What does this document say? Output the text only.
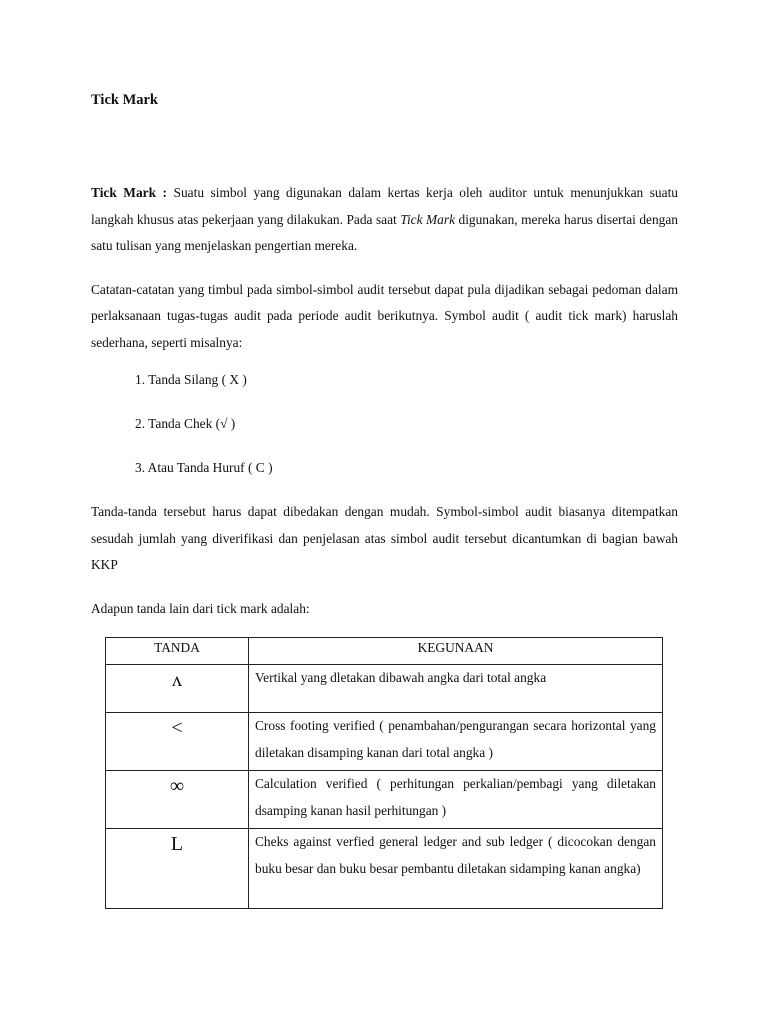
Tick Mark

Tick Mark : Suatu simbol yang digunakan dalam kertas kerja oleh auditor untuk menunjukkan suatu langkah khusus atas pekerjaan yang dilakukan. Pada saat Tick Mark digunakan, mereka harus disertai dengan satu tulisan yang menjelaskan pengertian mereka.

Catatan-catatan yang timbul pada simbol-simbol audit tersebut dapat pula dijadikan sebagai pedoman dalam perlaksanaan tugas-tugas audit pada periode audit berikutnya. Symbol audit ( audit tick mark) haruslah sederhana, seperti misalnya:

1. Tanda Silang ( X )
2. Tanda Chek (√ )
3. Atau Tanda Huruf ( C )

Tanda-tanda tersebut harus dapat dibedakan dengan mudah. Symbol-simbol audit biasanya ditempatkan sesudah jumlah yang diverifikasi dan penjelasan atas simbol audit tersebut dicantumkan di bagian bawah KKP

Adapun tanda lain dari tick mark adalah:

TANDA	KEGUNAAN
ʌ	Vertikal yang dletakan dibawah angka dari total angka
<	Cross footing verified ( penambahan/pengurangan secara horizontal yang diletakan disamping kanan dari total angka )
∞	Calculation verified ( perhitungan perkalian/pembagi yang diletakan dsamping kanan hasil perhitungan )
L	Cheks against verfied general ledger and sub ledger ( dicocokan dengan buku besar dan buku besar pembantu diletakan sidamping kanan angka)
